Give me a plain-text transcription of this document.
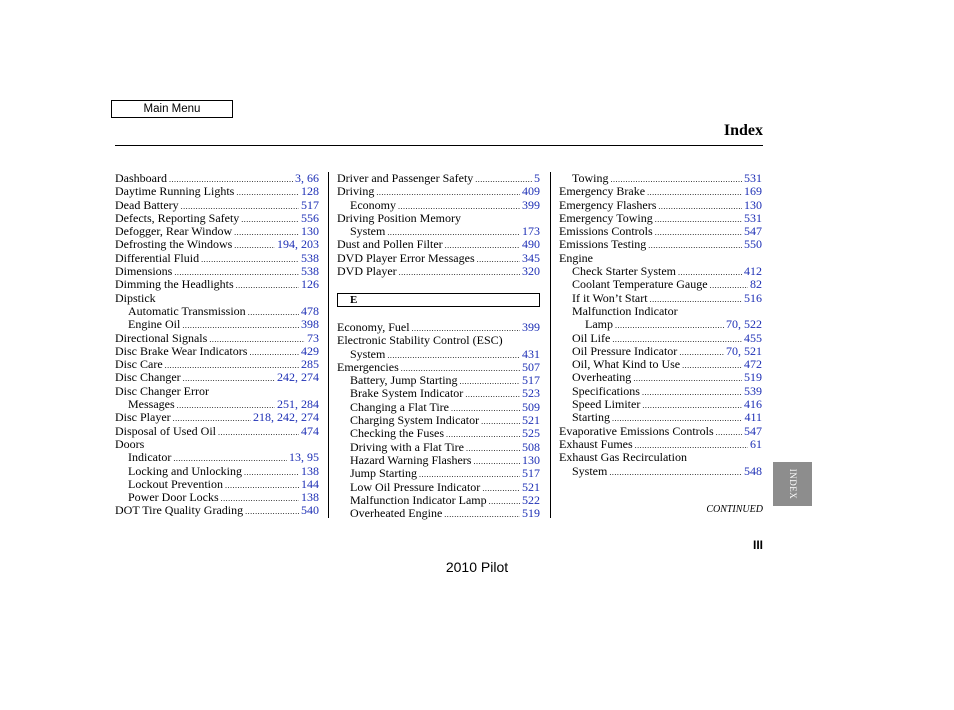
Main Menu
Index
Dashboard .....	3, 66
Daytime Running Lights .....	128
Dead Battery .....	517
Defects, Reporting Safety .....	556
Defogger, Rear Window .....	130
Defrosting the Windows .....	194, 203
Differential Fluid .....	538
Dimensions .....	538
Dimming the Headlights .....	126
Dipstick
Automatic Transmission .....	478
Engine Oil .....	398
Directional Signals .....	73
Disc Brake Wear Indicators .....	429
Disc Care .....	285
Disc Changer .....	242, 274
Disc Changer Error
Messages .....	251, 284
Disc Player .....	218, 242, 274
Disposal of Used Oil .....	474
Doors
Indicator .....	13, 95
Locking and Unlocking .....	138
Lockout Prevention .....	144
Power Door Locks .....	138
DOT Tire Quality Grading .....	540
Driver and Passenger Safety .....	5
Driving .....	409
Economy .....	399
Driving Position Memory
System .....	173
Dust and Pollen Filter .....	490
DVD Player Error Messages .....	345
DVD Player .....	320
E
Economy, Fuel .....	399
Electronic Stability Control (ESC)
System .....	431
Emergencies .....	507
Battery, Jump Starting .....	517
Brake System Indicator .....	523
Changing a Flat Tire .....	509
Charging System Indicator .....	521
Checking the Fuses .....	525
Driving with a Flat Tire .....	508
Hazard Warning Flashers .....	130
Jump Starting .....	517
Low Oil Pressure Indicator .....	521
Malfunction Indicator Lamp .....	522
Overheated Engine .....	519
Towing .....	531
Emergency Brake .....	169
Emergency Flashers .....	130
Emergency Towing .....	531
Emissions Controls .....	547
Emissions Testing .....	550
Engine
Check Starter System .....	412
Coolant Temperature Gauge .....	82
If it Won’t Start .....	516
Malfunction Indicator
Lamp .....	70, 522
Oil Life .....	455
Oil Pressure Indicator .....	70, 521
Oil, What Kind to Use .....	472
Overheating .....	519
Specifications .....	539
Speed Limiter .....	416
Starting .....	411
Evaporative Emissions Controls .....	547
Exhaust Fumes .....	61
Exhaust Gas Recirculation
System .....	548
CONTINUED
III
INDEX
2010 Pilot
